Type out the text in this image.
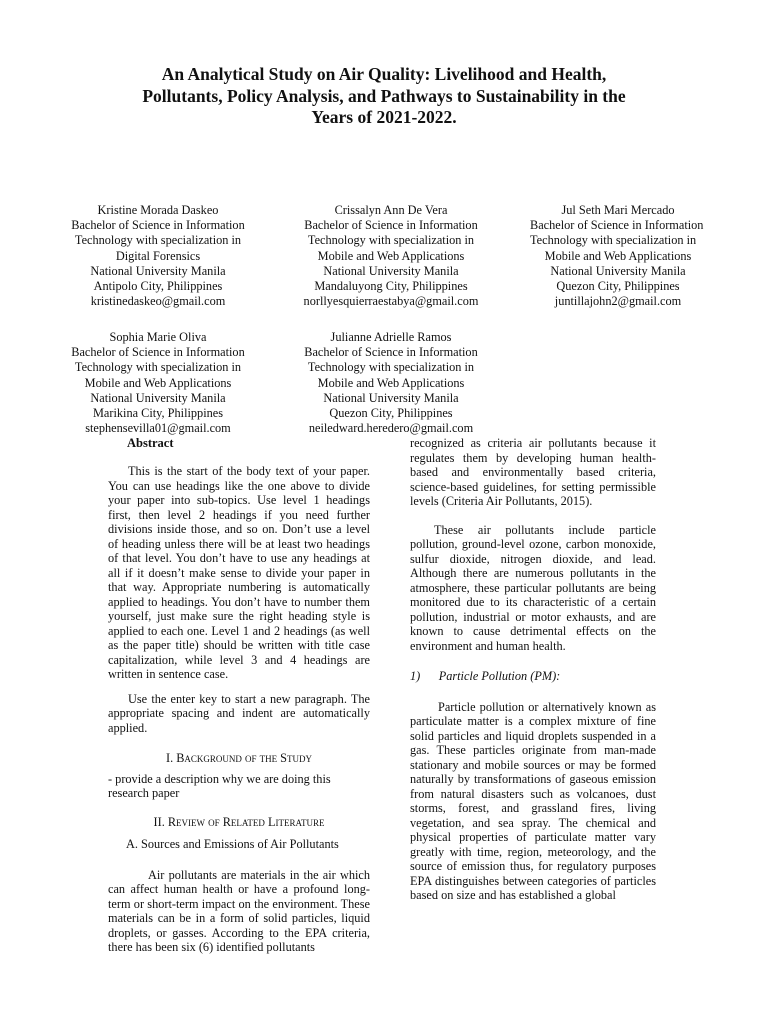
An Analytical Study on Air Quality: Livelihood and Health,
Pollutants, Policy Analysis, and Pathways to Sustainability in the
Years of 2021-2022.
Kristine Morada Daskeo
Bachelor of Science in Information
Technology with specialization in
Digital Forensics
National University Manila
Antipolo City, Philippines
kristinedaskeo@gmail.com
Crissalyn Ann De Vera
Bachelor of Science in Information
Technology with specialization in
Mobile and Web Applications
National University Manila
Mandaluyong City, Philippines
norllyesquierraestabya@gmail.com
Jul Seth Mari Mercado
Bachelor of Science in Information
Technology with specialization in
Mobile and Web Applications
National University Manila
Quezon City, Philippines
juntillajohn2@gmail.com
Sophia Marie Oliva
Bachelor of Science in Information
Technology with specialization in
Mobile and Web Applications
National University Manila
Marikina City, Philippines
stephensevilla01@gmail.com
Julianne Adrielle Ramos
Bachelor of Science in Information
Technology with specialization in
Mobile and Web Applications
National University Manila
Quezon City, Philippines
neiledward.heredero@gmail.com
Abstract

This is the start of the body text of your paper. You can use headings like the one above to divide your paper into sub-topics. Use level 1 headings first, then level 2 headings if you need further divisions inside those, and so on. Don’t use a level of heading unless there will be at least two headings of that level. You don’t have to use any headings at all if it doesn’t make sense to divide your paper in that way. Appropriate numbering is automatically applied to headings. You don’t have to number them yourself, just make sure the right heading style is applied to each one. Level 1 and 2 headings (as well as the paper title) should be written with title case capitalization, while level 3 and 4 headings are written in sentence case.

Use the enter key to start a new paragraph. The appropriate spacing and indent are automatically applied.

I. Background of the Study

- provide a description why we are doing this research paper

II. Review of Related Literature
A. Sources and Emissions of Air Pollutants

Air pollutants are materials in the air which can affect human health or have a profound long-term or short-term impact on the environment. These materials can be in a form of solid particles, liquid droplets, or gasses. According to the EPA criteria, there has been six (6) identified pollutants

recognized as criteria air pollutants because it regulates them by developing human health-based and environmentally based criteria, science-based guidelines, for setting permissible levels (Criteria Air Pollutants, 2015).

These air pollutants include particle pollution, ground-level ozone, carbon monoxide, sulfur dioxide, nitrogen dioxide, and lead. Although there are numerous pollutants in the atmosphere, these particular pollutants are being monitored due to its characteristic of a certain pollution, industrial or motor exhausts, and are known to cause detrimental effects on the environment and human health.

1)      Particle Pollution (PM):

Particle pollution or alternatively known as particulate matter is a complex mixture of fine solid particles and liquid droplets suspended in a gas. These particles originate from man-made stationary and mobile sources or may be formed naturally by transformations of gaseous emission from natural disasters such as volcanoes, dust storms, forest, and grassland fires, living vegetation, and sea spray. The chemical and physical properties of particulate matter vary greatly with time, region, meteorology, and the source of emission thus, for regulatory purposes EPA distinguishes between categories of particles based on size and has established a global
